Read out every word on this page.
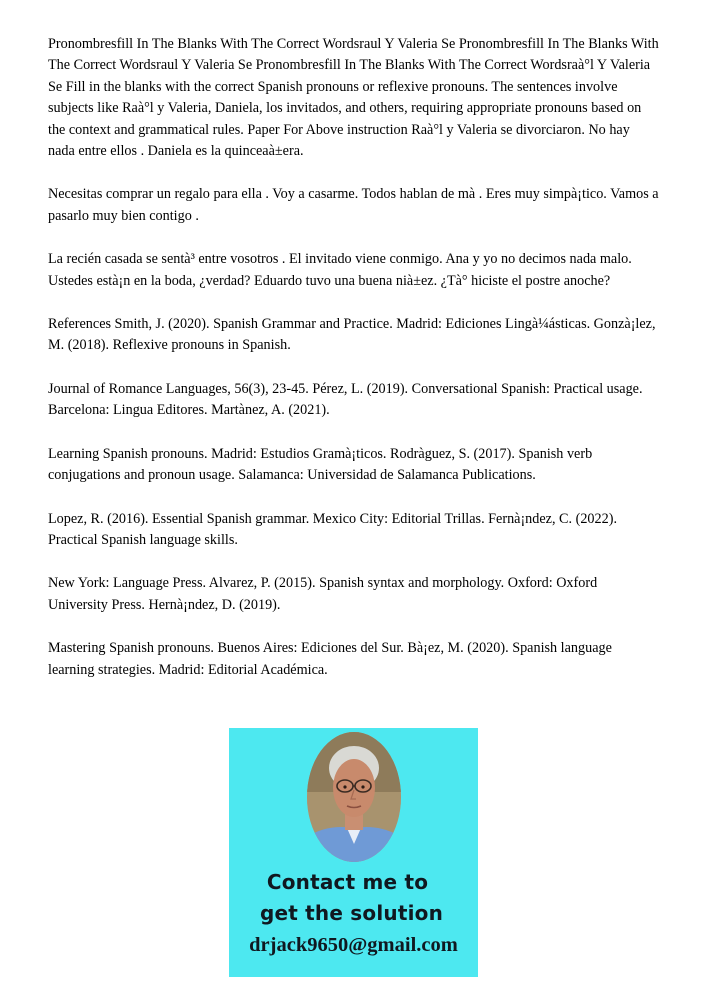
Pronombresfill In The Blanks With The Correct Wordsraul Y Valeria Se Pronombresfill In The Blanks With The Correct Wordsraul Y Valeria Se Pronombresfill In The Blanks With The Correct Wordsraà°l Y Valeria Se Fill in the blanks with the correct Spanish pronouns or reflexive pronouns. The sentences involve subjects like Raà°l y Valeria, Daniela, los invitados, and others, requiring appropriate pronouns based on the context and grammatical rules. Paper For Above instruction Raà°l y Valeria se divorciaron. No hay nada entre ellos . Daniela es la quinceaà±era.

Necesitas comprar un regalo para ella . Voy a casarme. Todos hablan de mà . Eres muy simpà¡tico. Vamos a pasarlo muy bien contigo .

La recién casada se sentà³ entre vosotros . El invitado viene conmigo. Ana y yo no decimos nada malo. Ustedes està¡n en la boda, ¿verdad? Eduardo tuvo una buena nià±ez. ¿Tà° hiciste el postre anoche?

References Smith, J. (2020). Spanish Grammar and Practice. Madrid: Ediciones Lingà¼ásticas. Gonzà¡lez, M. (2018). Reflexive pronouns in Spanish.

Journal of Romance Languages, 56(3), 23-45. Pérez, L. (2019). Conversational Spanish: Practical usage. Barcelona: Lingua Editores. Martànez, A. (2021).

Learning Spanish pronouns. Madrid: Estudios Gramà¡ticos. Rodràguez, S. (2017). Spanish verb conjugations and pronoun usage. Salamanca: Universidad de Salamanca Publications.

Lopez, R. (2016). Essential Spanish grammar. Mexico City: Editorial Trillas. Fernà¡ndez, C. (2022). Practical Spanish language skills.

New York: Language Press. Alvarez, P. (2015). Spanish syntax and morphology. Oxford: Oxford University Press. Hernà¡ndez, D. (2019).

Mastering Spanish pronouns. Buenos Aires: Ediciones del Sur. Bà¡ez, M. (2020). Spanish language learning strategies. Madrid: Editorial Académica.

Contact me to
get the solution
drjack9650@gmail.com
